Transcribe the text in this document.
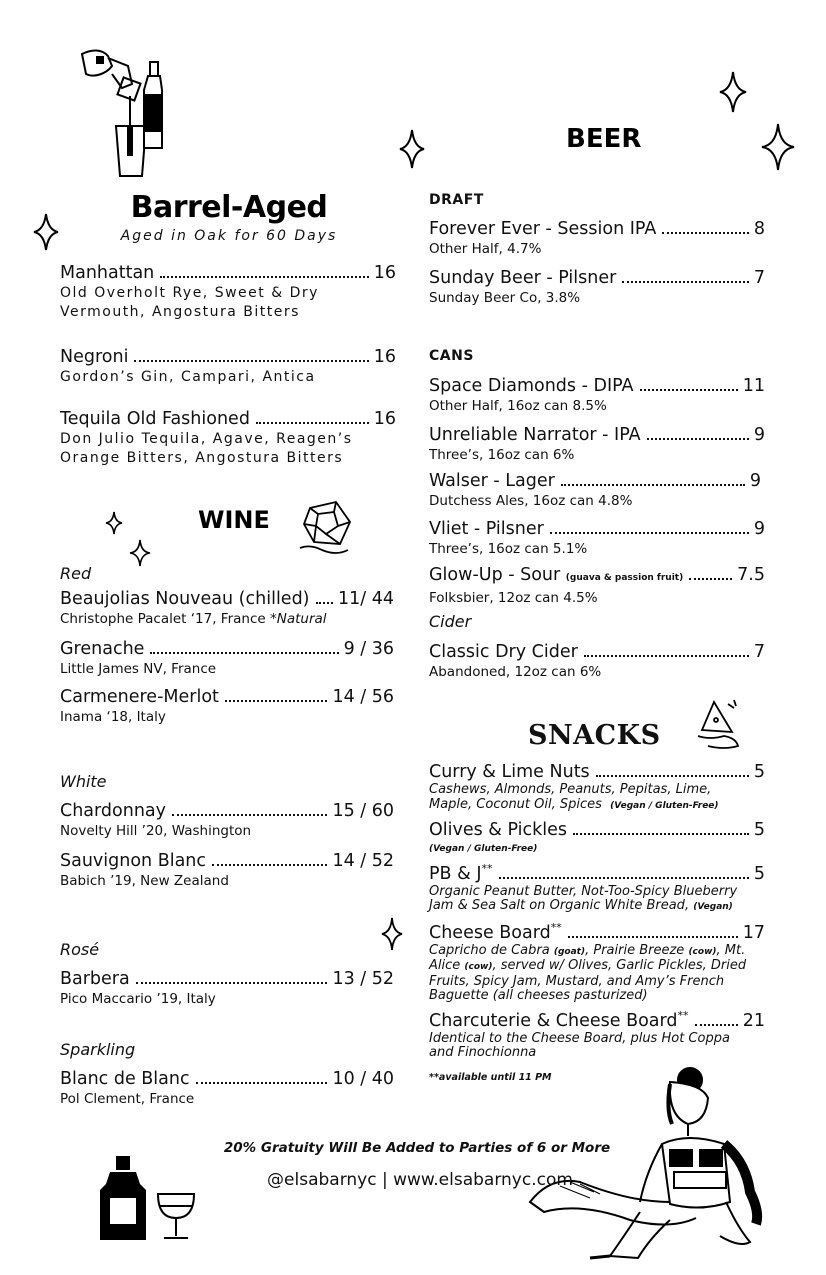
Barrel-Aged
Aged in Oak for 60 Days
Manhattan	16
Old Overholt Rye, Sweet & Dry
Vermouth, Angostura Bitters
Negroni	16
Gordon’s Gin, Campari, Antica
Tequila Old Fashioned	16
Don Julio Tequila, Agave, Reagen’s
Orange Bitters, Angostura Bitters
WINE
Red
Beaujolias Nouveau (chilled) 11/ 44
Christophe Pacalet ‘17, France *Natural
Grenache	9 / 36
Little James NV, France
Carmenere-Merlot	14 / 56
Inama ‘18, Italy
White
Chardonnay	15 / 60
Novelty Hill ’20, Washington
Sauvignon Blanc	14 / 52
Babich ’19, New Zealand
Rosé
Barbera	13 / 52
Pico Maccario ’19, Italy
Sparkling
Blanc de Blanc	10 / 40
Pol Clement, France
BEER
DRAFT
Forever Ever - Session IPA	8
Other Half, 4.7%
Sunday Beer - Pilsner	7
Sunday Beer Co, 3.8%
CANS
Space Diamonds - DIPA	11
Other Half, 16oz can 8.5%
Unreliable Narrator - IPA	9
Three’s, 16oz can 6%
Walser - Lager	9
Dutchess Ales, 16oz can 4.8%
Vliet - Pilsner	9
Three’s, 16oz can 5.1%
Glow-Up - Sour
(guava & passion fruit)	7.5
Folksbier, 12oz can 4.5%
Cider
Classic Dry Cider	7
Abandoned, 12oz can 6%
SNACKS
Curry & Lime Nuts	5
Cashews, Almonds, Peanuts, Pepitas, Lime,
Maple, Coconut Oil, Spices (Vegan / Gluten-Free)
Olives & Pickles	5
(Vegan / Gluten-Free)
PB & J**	5
Organic Peanut Butter, Not-Too-Spicy Blueberry
Jam & Sea Salt on Organic White Bread, (Vegan)
Cheese Board**	17
Capricho de Cabra (goat), Prairie Breeze (cow), Mt.
Alice (cow), served w/ Olives, Garlic Pickles, Dried
Fruits, Spicy Jam, Mustard, and Amy’s French
Baguette (all cheeses pasturized)
Charcuterie & Cheese Board**	21
Identical to the Cheese Board, plus Hot Coppa
and Finochionna
**available until 11 PM
20% Gratuity Will Be Added to Parties of 6 or More
@elsabarnyc | www.elsabarnyc.com
